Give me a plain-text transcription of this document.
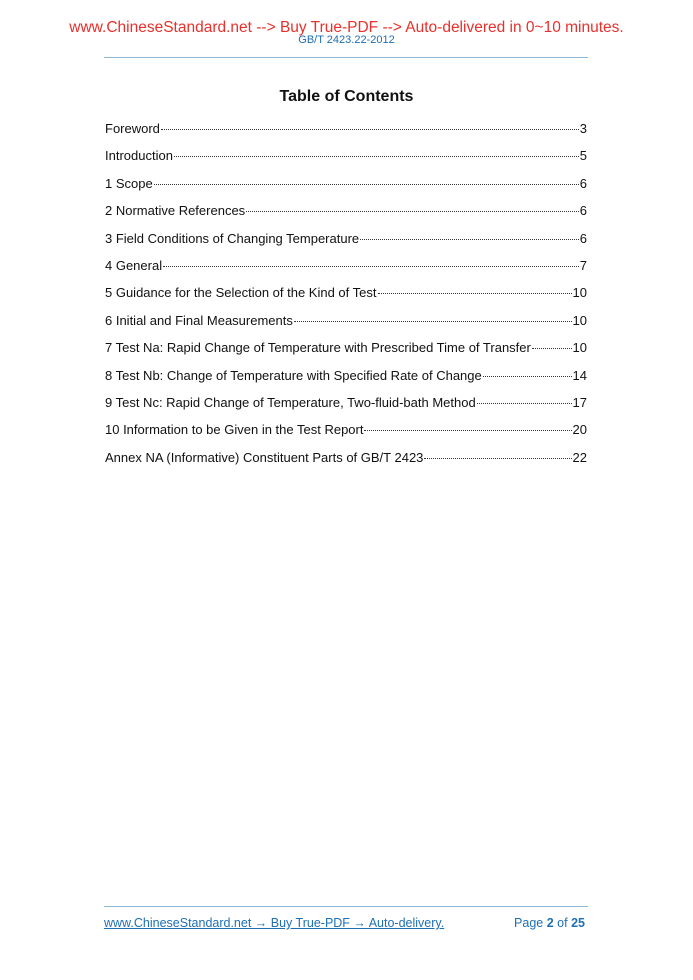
www.ChineseStandard.net --> Buy True-PDF --> Auto-delivered in 0~10 minutes.
GB/T 2423.22-2012
Table of Contents
Foreword	3
Introduction	5
1 Scope	6
2 Normative References	6
3 Field Conditions of Changing Temperature	6
4 General	7
5 Guidance for the Selection of the Kind of Test	10
6 Initial and Final Measurements	10
7 Test Na: Rapid Change of Temperature with Prescribed Time of Transfer	10
8 Test Nb: Change of Temperature with Specified Rate of Change	14
9 Test Nc: Rapid Change of Temperature, Two-fluid-bath Method	17
10 Information to be Given in the Test Report	20
Annex NA (Informative) Constituent Parts of GB/T 2423	22
www.ChineseStandard.net → Buy True-PDF → Auto-delivery.	Page 2 of 25
